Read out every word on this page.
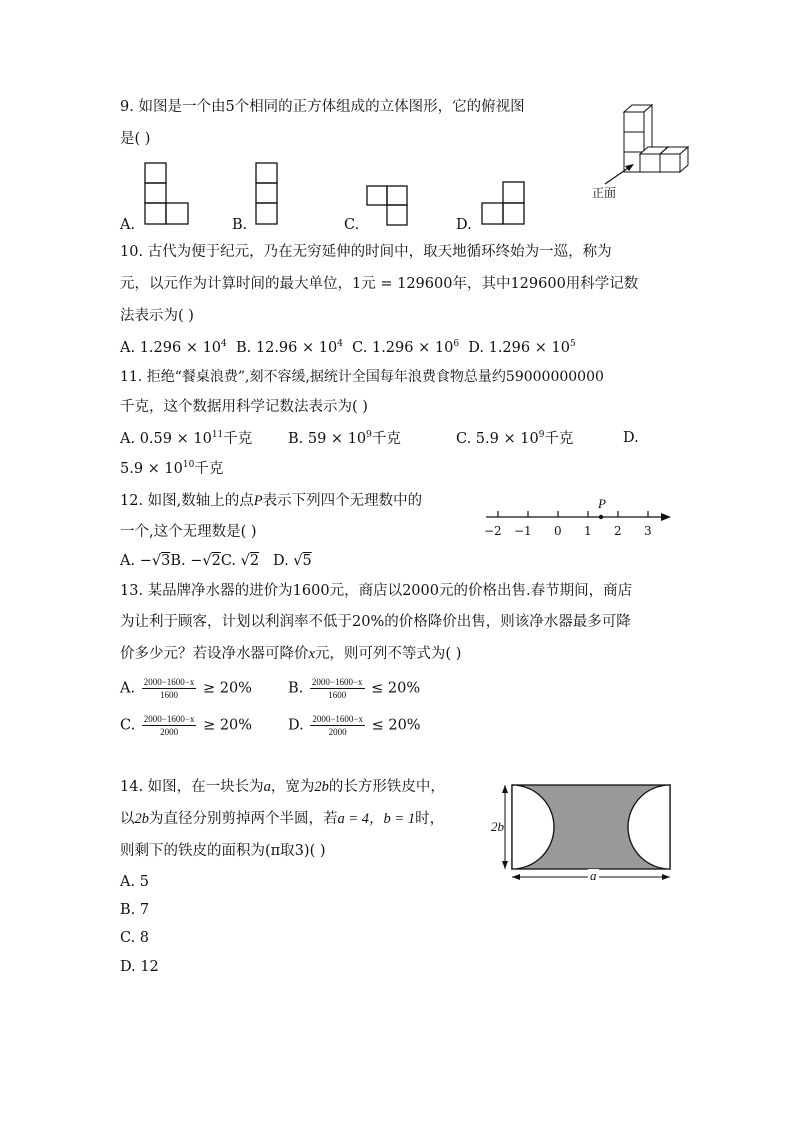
9. 如图是一个由5个相同的正方体组成的立体图形，它的俯视图
是( )
正面
A.	B.	C.	D.
10. 古代为便于纪元，乃在无穷延伸的时间中，取天地循环终始为一巡，称为
元，以元作为计算时间的最大单位，1元 = 129600年，其中129600用科学记数
法表示为( )
A. $1.296 \times 10^4$ B. $12.96 \times 10^4$ C. $1.296 \times 10^6$ D. $1.296 \times 10^5$
11. 拒绝“餐桌浪费”,刻不容缓,据统计全国每年浪费食物总量约59000000000
千克，这个数据用科学记数法表示为( )
A. $0.59 \times 10^{11}$千克 B. $59 \times 10^9$千克	C. $5.9 \times 10^9$千克	D.
$5.9 \times 10^{10}$千克
12. 如图,数轴上的点P表示下列四个无理数中的
一个,这个无理数是( )
A. −√3B. −√2C. √2 D. √5
P
−2 −1 0 1 2 3
13. 某品牌净水器的进价为1600元，商店以2000元的价格出售.春节期间，商店
为让利于顾客，计划以利润率不低于20%的价格降价出售，则该净水器最多可降
价多少元？若设净水器可降价x元，则可列不等式为( )
A. $\frac{2000-1600-x}{1600} \ge 20\%$ B. $\frac{2000-1600-x}{1600} \le 20\%$
C. $\frac{2000-1600-x}{2000} \ge 20\%$ D. $\frac{2000-1600-x}{2000} \le 20\%$
14. 如图，在一块长为a，宽为2b的长方形铁皮中，
以2b为直径分别剪掉两个半圆，若a = 4，b = 1时，
则剩下的铁皮的面积为(π取3)( )
A. 5
B. 7
C. 8
D. 12
2b
a
